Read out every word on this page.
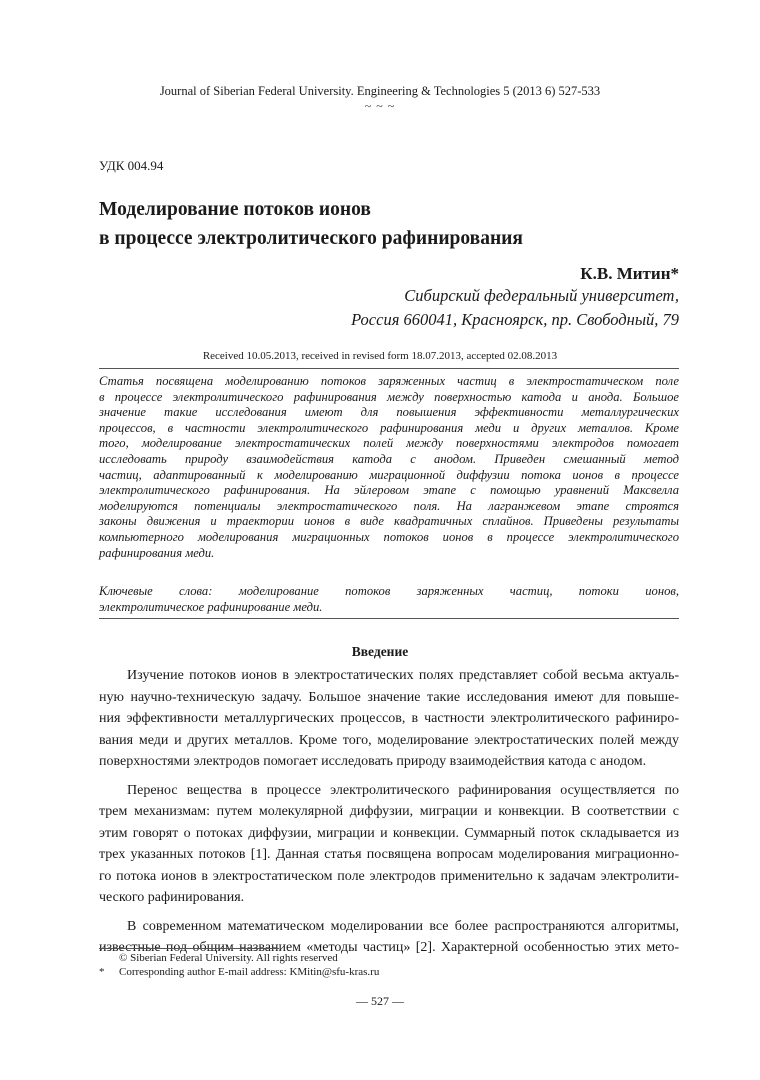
Journal of Siberian Federal University. Engineering & Technologies 5 (2013 6) 527-533
~ ~ ~
УДК 004.94
Моделирование потоков ионов
в процессе электролитического рафинирования
К.В. Митин*
Сибирский федеральный университет,
Россия 660041, Красноярск, пр. Свободный, 79
Received 10.05.2013, received in revised form 18.07.2013, accepted 02.08.2013
Статья посвящена моделированию потоков заряженных частиц в электростатическом поле
в процессе электролитического рафинирования между поверхностью катода и анода. Большое
значение такие исследования имеют для повышения эффективности металлургических
процессов, в частности электролитического рафинирования меди и других металлов. Кроме
того, моделирование электростатических полей между поверхностями электродов помогает
исследовать природу взаимодействия катода с анодом. Приведен смешанный метод
частиц, адаптированный к моделированию миграционной диффузии потока ионов в процессе
электролитического рафинирования. На эйлеровом этапе с помощью уравнений Максвелла
моделируются потенциалы электростатического поля. На лагранжевом этапе строятся
законы движения и траектории ионов в виде квадратичных сплайнов. Приведены результаты
компьютерного моделирования миграционных потоков ионов в процессе электролитического
рафинирования меди.
Ключевые слова: моделирование потоков заряженных частиц, потоки ионов,
электролитическое рафинирование меди.
Введение
Изучение потоков ионов в электростатических полях представляет собой весьма актуаль-
ную научно-техническую задачу. Большое значение такие исследования имеют для повыше-
ния эффективности металлургических процессов, в частности электролитического рафиниро-
вания меди и других металлов. Кроме того, моделирование электростатических полей между
поверхностями электродов помогает исследовать природу взаимодействия катода с анодом.
Перенос вещества в процессе электролитического рафинирования осуществляется по
трем механизмам: путем молекулярной диффузии, миграции и конвекции. В соответствии с
этим говорят о потоках диффузии, миграции и конвекции. Суммарный поток складывается из
трех указанных потоков [1]. Данная статья посвящена вопросам моделирования миграционно-
го потока ионов в электростатическом поле электродов применительно к задачам электролити-
ческого рафинирования.
В современном математическом моделировании все более распространяются алгоритмы,
известные под общим названием «методы частиц» [2]. Характерной особенностью этих мето-
© Siberian Federal University. All rights reserved
* Corresponding author E-mail address: KMitin@sfu-kras.ru
— 527 —
